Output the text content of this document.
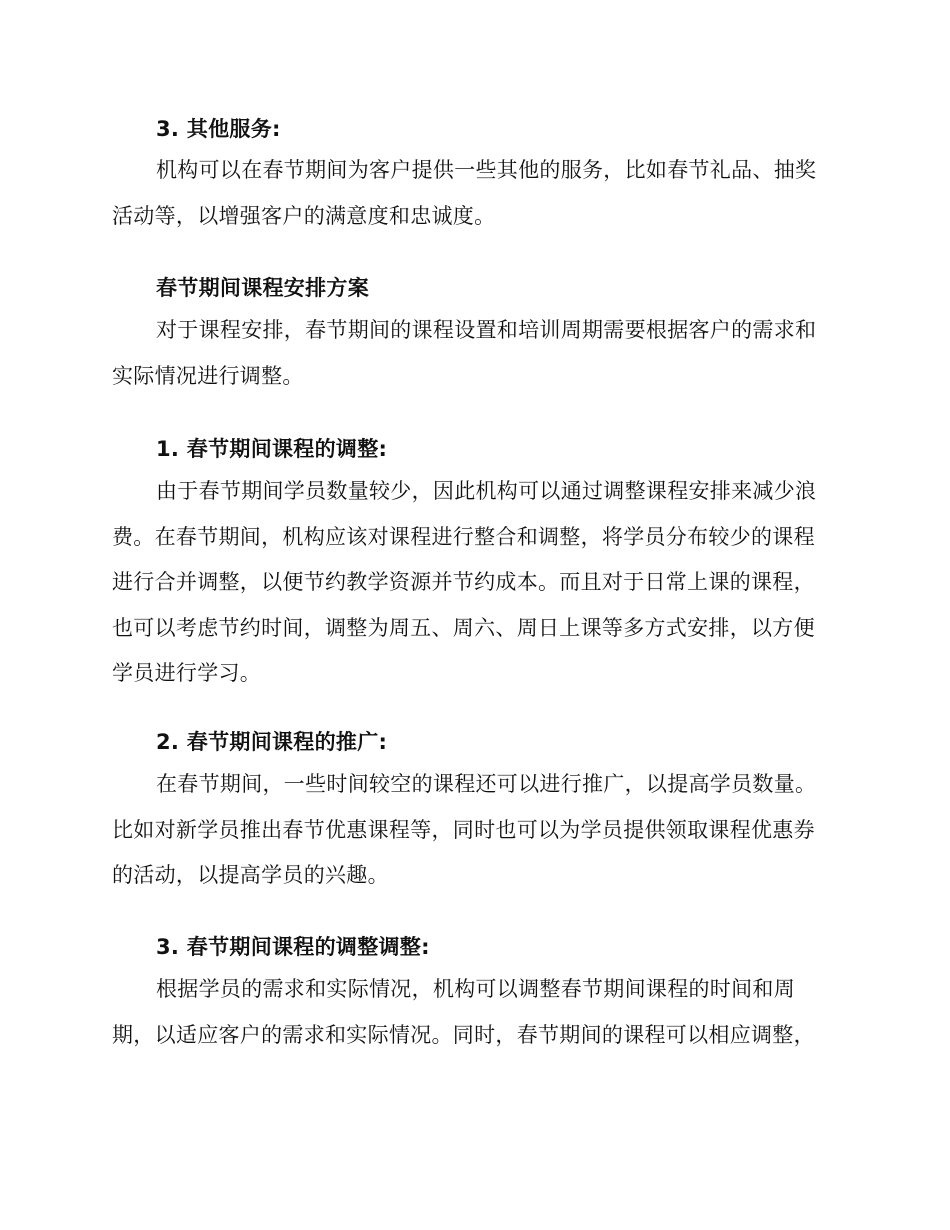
3. 其他服务:
机构可以在春节期间为客户提供一些其他的服务，比如春节礼品、抽奖活动等，以增强客户的满意度和忠诚度。
春节期间课程安排方案
对于课程安排，春节期间的课程设置和培训周期需要根据客户的需求和实际情况进行调整。
1. 春节期间课程的调整:
由于春节期间学员数量较少，因此机构可以通过调整课程安排来减少浪费。在春节期间，机构应该对课程进行整合和调整，将学员分布较少的课程进行合并调整，以便节约教学资源并节约成本。而且对于日常上课的课程，也可以考虑节约时间，调整为周五、周六、周日上课等多方式安排，以方便学员进行学习。
2. 春节期间课程的推广:
在春节期间，一些时间较空的课程还可以进行推广，以提高学员数量。比如对新学员推出春节优惠课程等，同时也可以为学员提供领取课程优惠券的活动，以提高学员的兴趣。
3. 春节期间课程的调整调整:
根据学员的需求和实际情况，机构可以调整春节期间课程的时间和周期，以适应客户的需求和实际情况。同时，春节期间的课程可以相应调整，
